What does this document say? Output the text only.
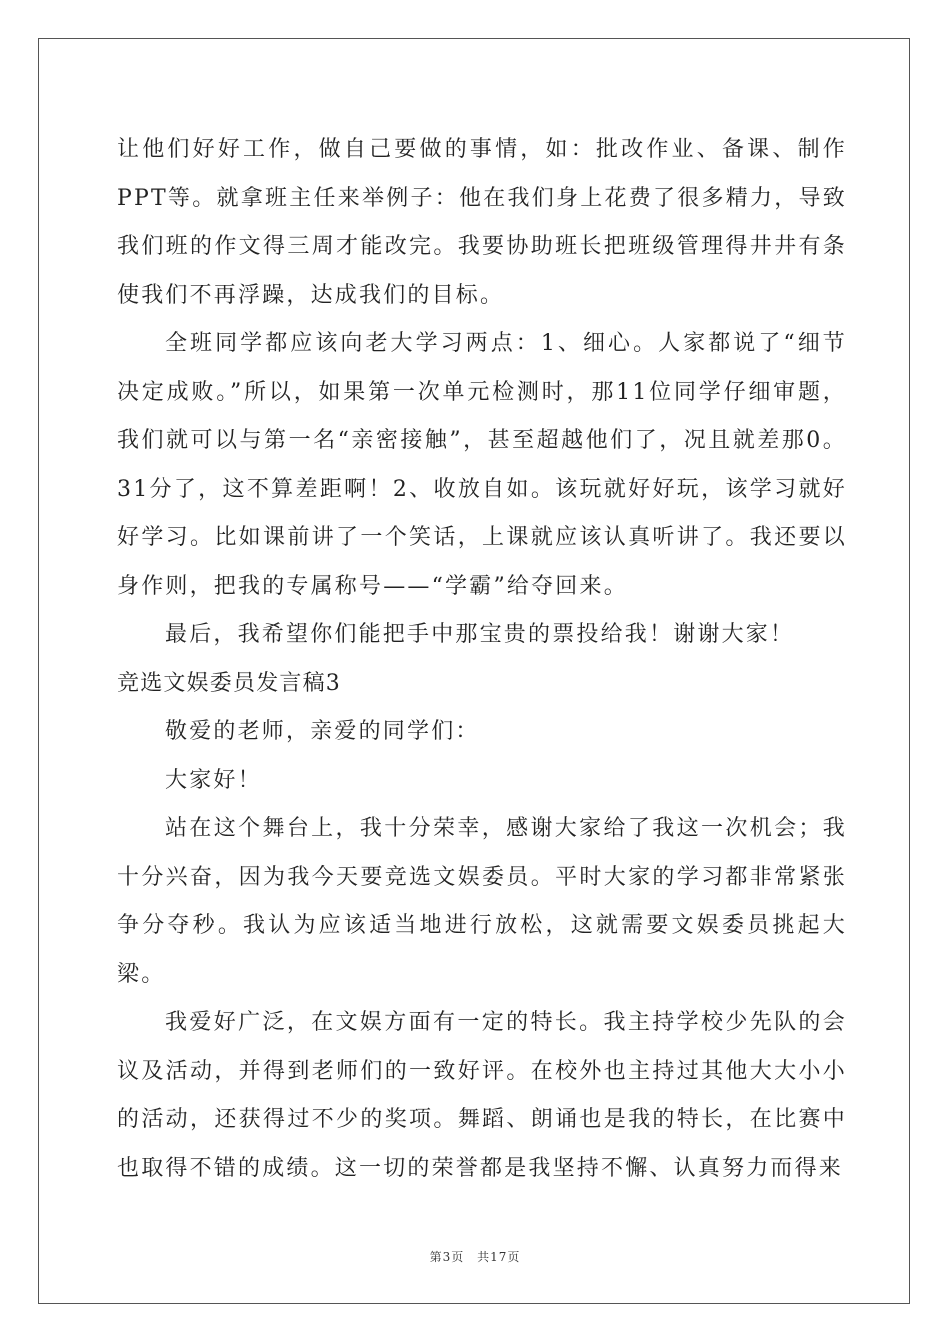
让他们好好工作，做自己要做的事情，如：批改作业、备课、制作PPT等。就拿班主任来举例子：他在我们身上花费了很多精力，导致我们班的作文得三周才能改完。我要协助班长把班级管理得井井有条使我们不再浮躁，达成我们的目标。

全班同学都应该向老大学习两点：1、细心。人家都说了“细节决定成败。”所以，如果第一次单元检测时，那11位同学仔细审题，我们就可以与第一名“亲密接触”，甚至超越他们了，况且就差那0。31分了，这不算差距啊！2、收放自如。该玩就好好玩，该学习就好好学习。比如课前讲了一个笑话，上课就应该认真听讲了。我还要以身作则，把我的专属称号——“学霸”给夺回来。

最后，我希望你们能把手中那宝贵的票投给我！谢谢大家！

竞选文娱委员发言稿3

敬爱的老师，亲爱的同学们：

大家好！

站在这个舞台上，我十分荣幸，感谢大家给了我这一次机会；我十分兴奋，因为我今天要竞选文娱委员。平时大家的学习都非常紧张争分夺秒。我认为应该适当地进行放松，这就需要文娱委员挑起大梁。

我爱好广泛，在文娱方面有一定的特长。我主持学校少先队的会议及活动，并得到老师们的一致好评。在校外也主持过其他大大小小的活动，还获得过不少的奖项。舞蹈、朗诵也是我的特长，在比赛中也取得不错的成绩。这一切的荣誉都是我坚持不懈、认真努力而得来

第3页 共17页
